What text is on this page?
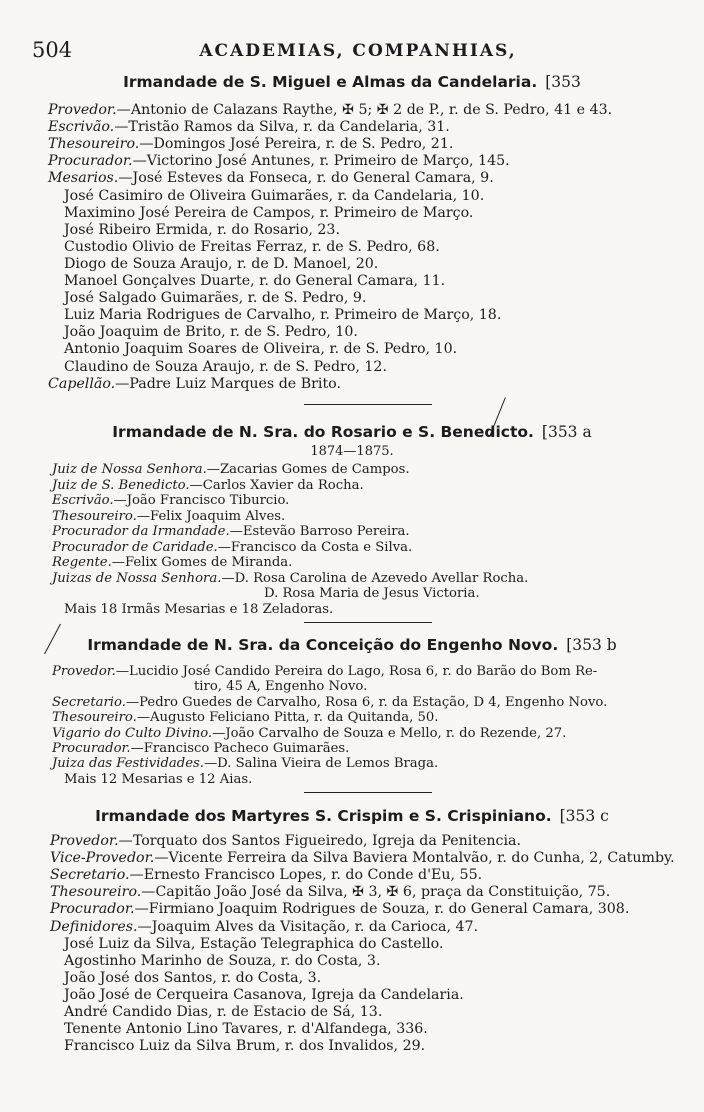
504	ACADEMIAS, COMPANHIAS,
Irmandade de S. Miguel e Almas da Candelaria. [353
Provedor.—Antonio de Calazans Raythe, ✠ 5; ✠ 2 de P., r. de S. Pedro, 41 e 43.
Escrivão.—Tristão Ramos da Silva, r. da Candelaria, 31.
Thesoureiro.—Domingos José Pereira, r. de S. Pedro, 21.
Procurador.—Victorino José Antunes, r. Primeiro de Março, 145.
Mesarios.—José Esteves da Fonseca, r. do General Camara, 9.
José Casimiro de Oliveira Guimarães, r. da Candelaria, 10.
Maximino José Pereira de Campos, r. Primeiro de Março.
José Ribeiro Ermida, r. do Rosario, 23.
Custodio Olivio de Freitas Ferraz, r. de S. Pedro, 68.
Diogo de Souza Araujo, r. de D. Manoel, 20.
Manoel Gonçalves Duarte, r. do General Camara, 11.
José Salgado Guimarães, r. de S. Pedro, 9.
Luiz Maria Rodrigues de Carvalho, r. Primeiro de Março, 18.
João Joaquim de Brito, r. de S. Pedro, 10.
Antonio Joaquim Soares de Oliveira, r. de S. Pedro, 10.
Claudino de Souza Araujo, r. de S. Pedro, 12.
Capellão.—Padre Luiz Marques de Brito.
Irmandade de N. Sra. do Rosario e S. Benedicto. [353 a
1874—1875.
Juiz de Nossa Senhora.—Zacarias Gomes de Campos.
Juiz de S. Benedicto.—Carlos Xavier da Rocha.
Escrivão.—João Francisco Tiburcio.
Thesoureiro.—Felix Joaquim Alves.
Procurador da Irmandade.—Estevão Barroso Pereira.
Procurador de Caridade.—Francisco da Costa e Silva.
Regente.—Felix Gomes de Miranda.
Juizas de Nossa Senhora.—D. Rosa Carolina de Azevedo Avellar Rocha.
D. Rosa Maria de Jesus Victoria.
Mais 18 Irmãs Mesarias e 18 Zeladoras.
Irmandade de N. Sra. da Conceição do Engenho Novo. [353 b
Provedor.—Lucidio José Candido Pereira do Lago, Rosa 6, r. do Barão do Bom Re-
tiro, 45 A, Engenho Novo.
Secretario.—Pedro Guedes de Carvalho, Rosa 6, r. da Estação, D 4, Engenho Novo.
Thesoureiro.—Augusto Feliciano Pitta, r. da Quitanda, 50.
Vigario do Culto Divino.—João Carvalho de Souza e Mello, r. do Rezende, 27.
Procurador.—Francisco Pacheco Guimarães.
Juiza das Festividades.—D. Salina Vieira de Lemos Braga.
Mais 12 Mesarias e 12 Aias.
Irmandade dos Martyres S. Crispim e S. Crispiniano. [353 c
Provedor.—Torquato dos Santos Figueiredo, Igreja da Penitencia.
Vice-Provedor.—Vicente Ferreira da Silva Baviera Montalvão, r. do Cunha, 2, Catumby.
Secretario.—Ernesto Francisco Lopes, r. do Conde d'Eu, 55.
Thesoureiro.—Capitão João José da Silva, ✠ 3, ✠ 6, praça da Constituição, 75.
Procurador.—Firmiano Joaquim Rodrigues de Souza, r. do General Camara, 308.
Definidores.—Joaquim Alves da Visitação, r. da Carioca, 47.
José Luiz da Silva, Estação Telegraphica do Castello.
Agostinho Marinho de Souza, r. do Costa, 3.
João José dos Santos, r. do Costa, 3.
João José de Cerqueira Casanova, Igreja da Candelaria.
André Candido Dias, r. de Estacio de Sá, 13.
Tenente Antonio Lino Tavares, r. d'Alfandega, 336.
Francisco Luiz da Silva Brum, r. dos Invalidos, 29.
